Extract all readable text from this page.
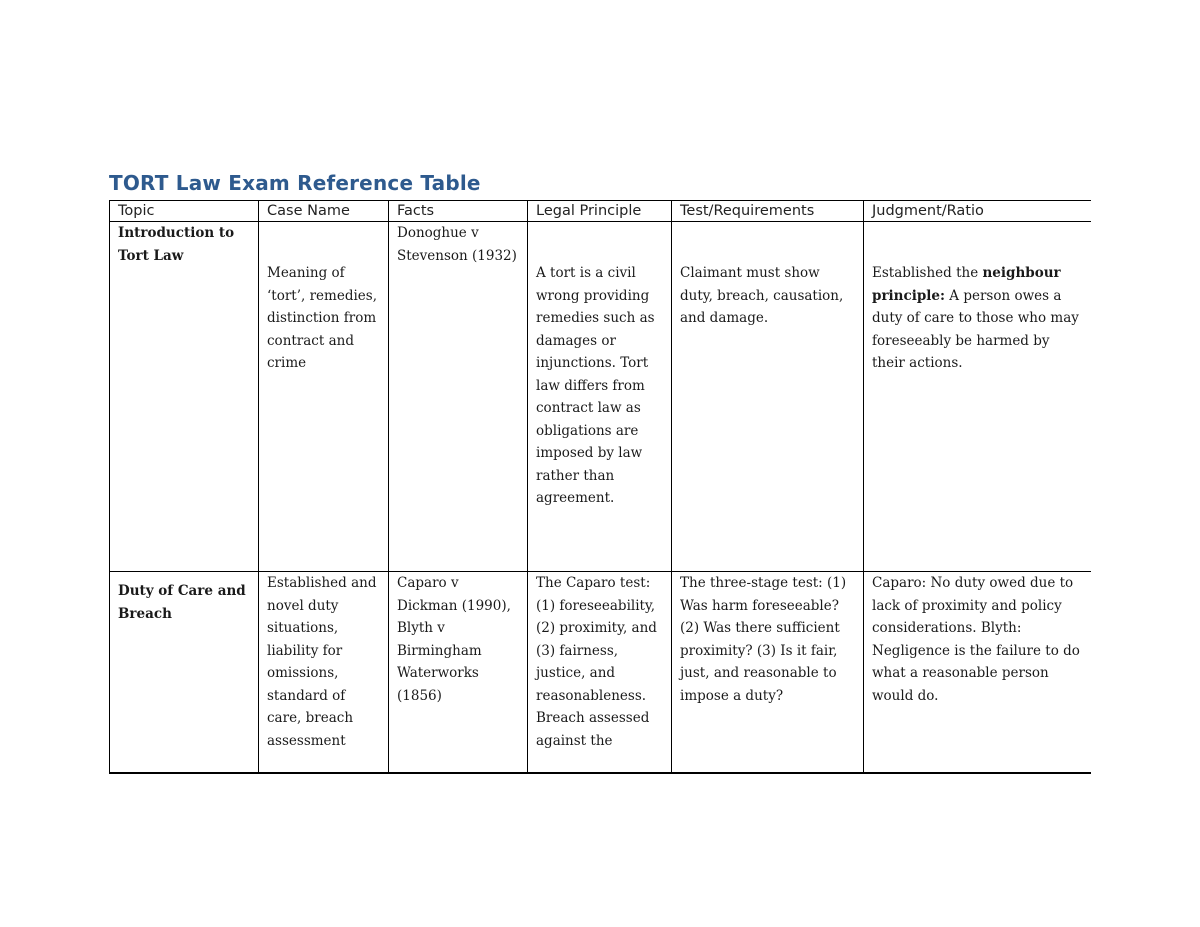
TORT Law Exam Reference Table
Topic	Case Name	Facts	Legal Principle	Test/Requirements	Judgment/Ratio
Introduction to Tort Law	Meaning of ‘tort’, remedies, distinction from contract and crime	Donoghue v Stevenson (1932)	A tort is a civil wrong providing remedies such as damages or injunctions. Tort law differs from contract law as obligations are imposed by law rather than agreement.	Claimant must show duty, breach, causation, and damage.	Established the neighbour principle: A person owes a duty of care to those who may foreseeably be harmed by their actions.

Duty of Care and Breach	Established and novel duty situations, liability for omissions, standard of care, breach assessment	Caparo v Dickman (1990), Blyth v Birmingham Waterworks (1856)	The Caparo test: (1) foreseeability, (2) proximity, and (3) fairness, justice, and reasonableness. Breach assessed against the	The three-stage test: (1) Was harm foreseeable? (2) Was there sufficient proximity? (3) Is it fair, just, and reasonable to impose a duty?	Caparo: No duty owed due to lack of proximity and policy considerations. Blyth: Negligence is the failure to do what a reasonable person would do.
